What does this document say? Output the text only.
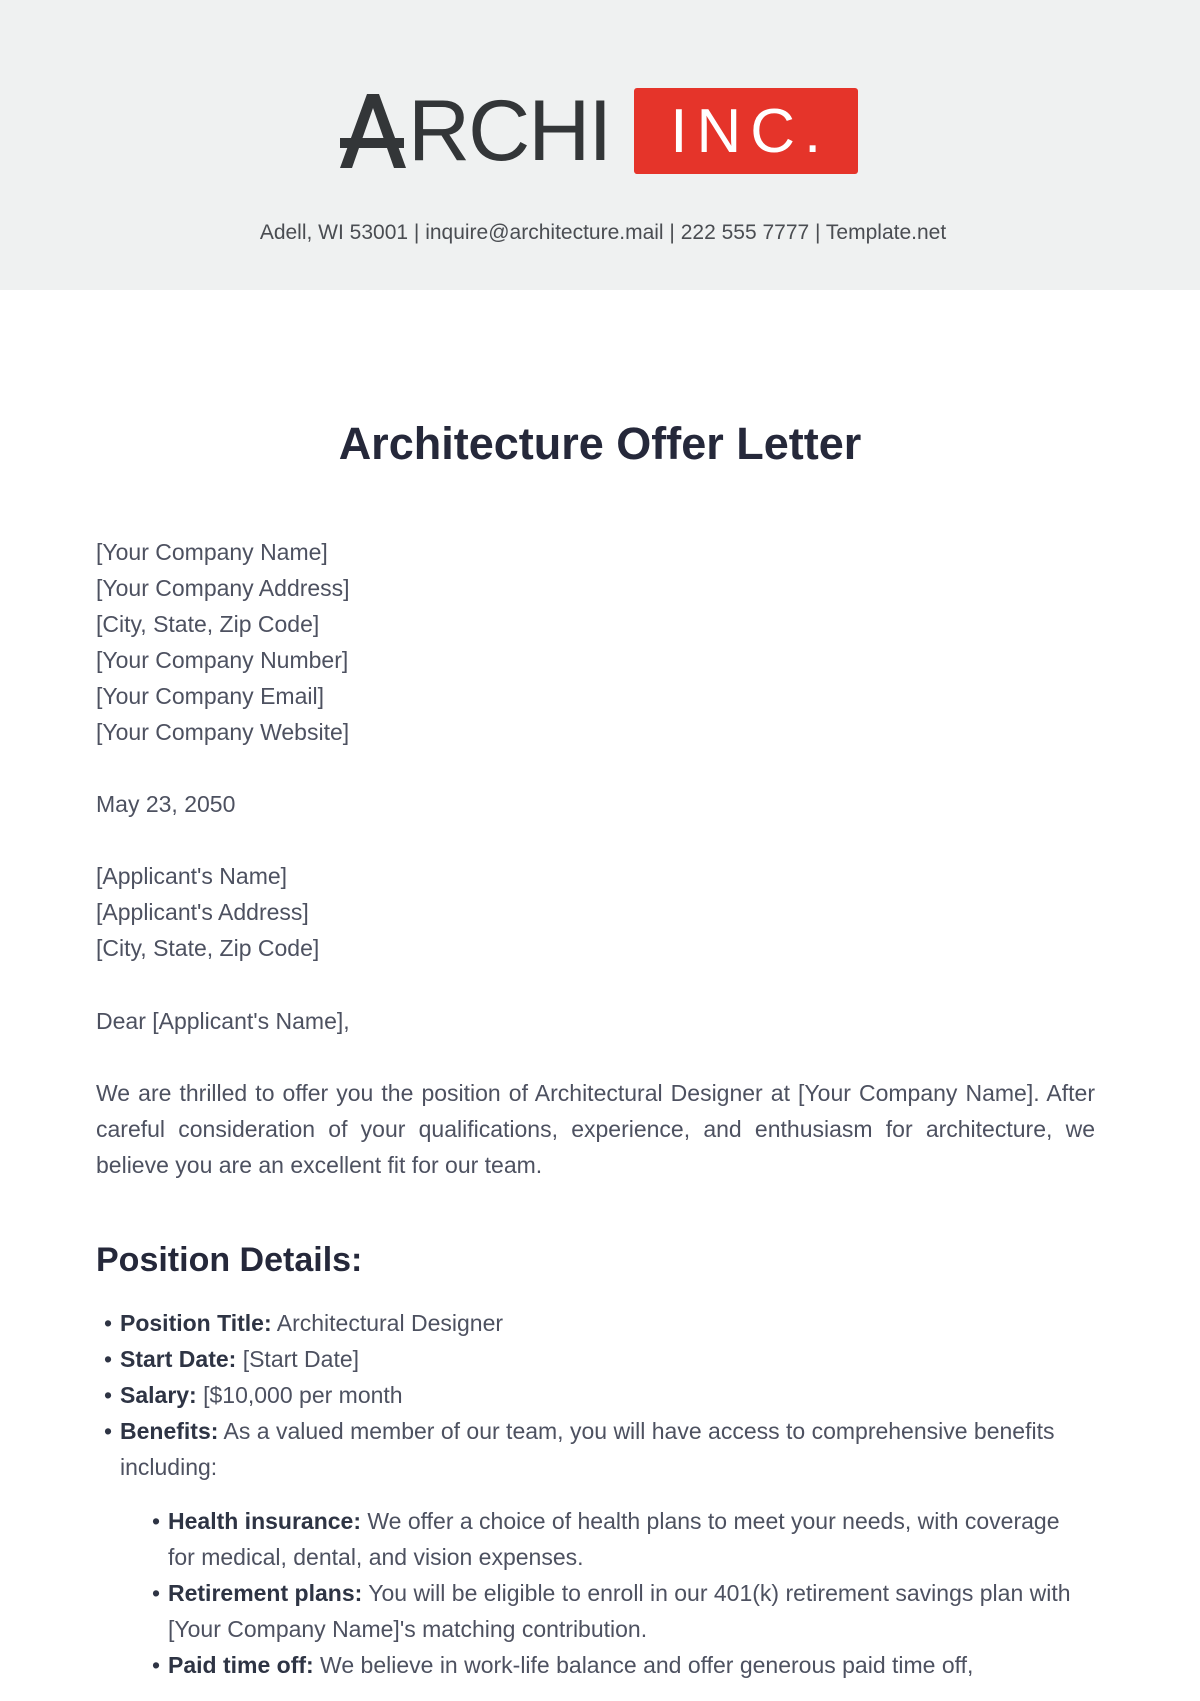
RCHI INC.
Adell, WI 53001 | inquire@architecture.mail | 222 555 7777 | Template.net
Architecture Offer Letter
[Your Company Name]
[Your Company Address]
[City, State, Zip Code]
[Your Company Number]
[Your Company Email]
[Your Company Website]
May 23, 2050
[Applicant's Name]
[Applicant's Address]
[City, State, Zip Code]
Dear [Applicant's Name],
We are thrilled to offer you the position of Architectural Designer at [Your Company Name]. After careful consideration of your qualifications, experience, and enthusiasm for architecture, we believe you are an excellent fit for our team.
Position Details:
• Position Title: Architectural Designer
• Start Date: [Start Date]
• Salary: [$10,000 per month
• Benefits: As a valued member of our team, you will have access to comprehensive benefits including:
• Health insurance: We offer a choice of health plans to meet your needs, with coverage for medical, dental, and vision expenses.
• Retirement plans: You will be eligible to enroll in our 401(k) retirement savings plan with [Your Company Name]'s matching contribution.
• Paid time off: We believe in work-life balance and offer generous paid time off,
